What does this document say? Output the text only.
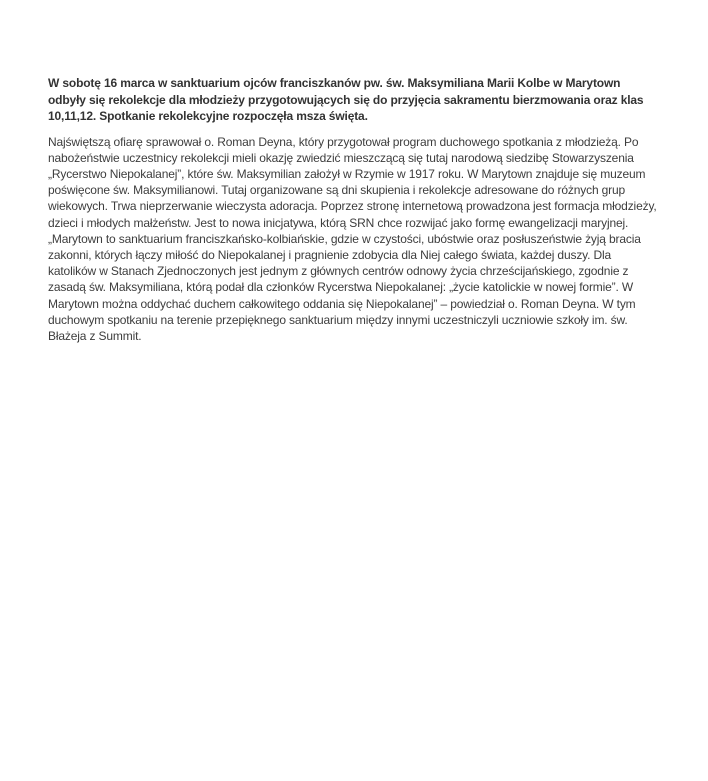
W sobotę 16 marca w sanktuarium ojców franciszkanów pw. św. Maksymiliana Marii Kolbe w Marytown odbyły się rekolekcje dla młodzieży przygotowujących się do przyjęcia sakramentu bierzmowania oraz klas 10,11,12. Spotkanie rekolekcyjne rozpoczęła msza święta.

Najświętszą ofiarę sprawował o. Roman Deyna, który przygotował program duchowego spotkania z młodzieżą. Po nabożeństwie uczestnicy rekolekcji mieli okazję zwiedzić mieszczącą się tutaj narodową siedzibę Stowarzyszenia „Rycerstwo Niepokalanej”, które św. Maksymilian założył w Rzymie w 1917 roku. W Marytown znajduje się muzeum poświęcone św. Maksymilianowi. Tutaj organizowane są dni skupienia i rekolekcje adresowane do różnych grup wiekowych. Trwa nieprzerwanie wieczysta adoracja. Poprzez stronę internetową prowadzona jest formacja młodzieży, dzieci i młodych małżeństw. Jest to nowa inicjatywa, którą SRN chce rozwijać jako formę ewangelizacji maryjnej. „Marytown to sanktuarium franciszkańsko-kolbiańskie, gdzie w czystości, ubóstwie oraz posłuszeństwie żyją bracia zakonni, których łączy miłość do Niepokalanej i pragnienie zdobycia dla Niej całego świata, każdej duszy. Dla katolików w Stanach Zjednoczonych jest jednym z głównych centrów odnowy życia chrześcijańskiego, zgodnie z zasadą św. Maksymiliana, którą podał dla członków Rycerstwa Niepokalanej: „życie katolickie w nowej formie”. W Marytown można oddychać duchem całkowitego oddania się Niepokalanej” – powiedział o. Roman Deyna. W tym duchowym spotkaniu na terenie przepięknego sanktuarium między innymi uczestniczyli uczniowie szkoły im. św. Błażeja z Summit.
